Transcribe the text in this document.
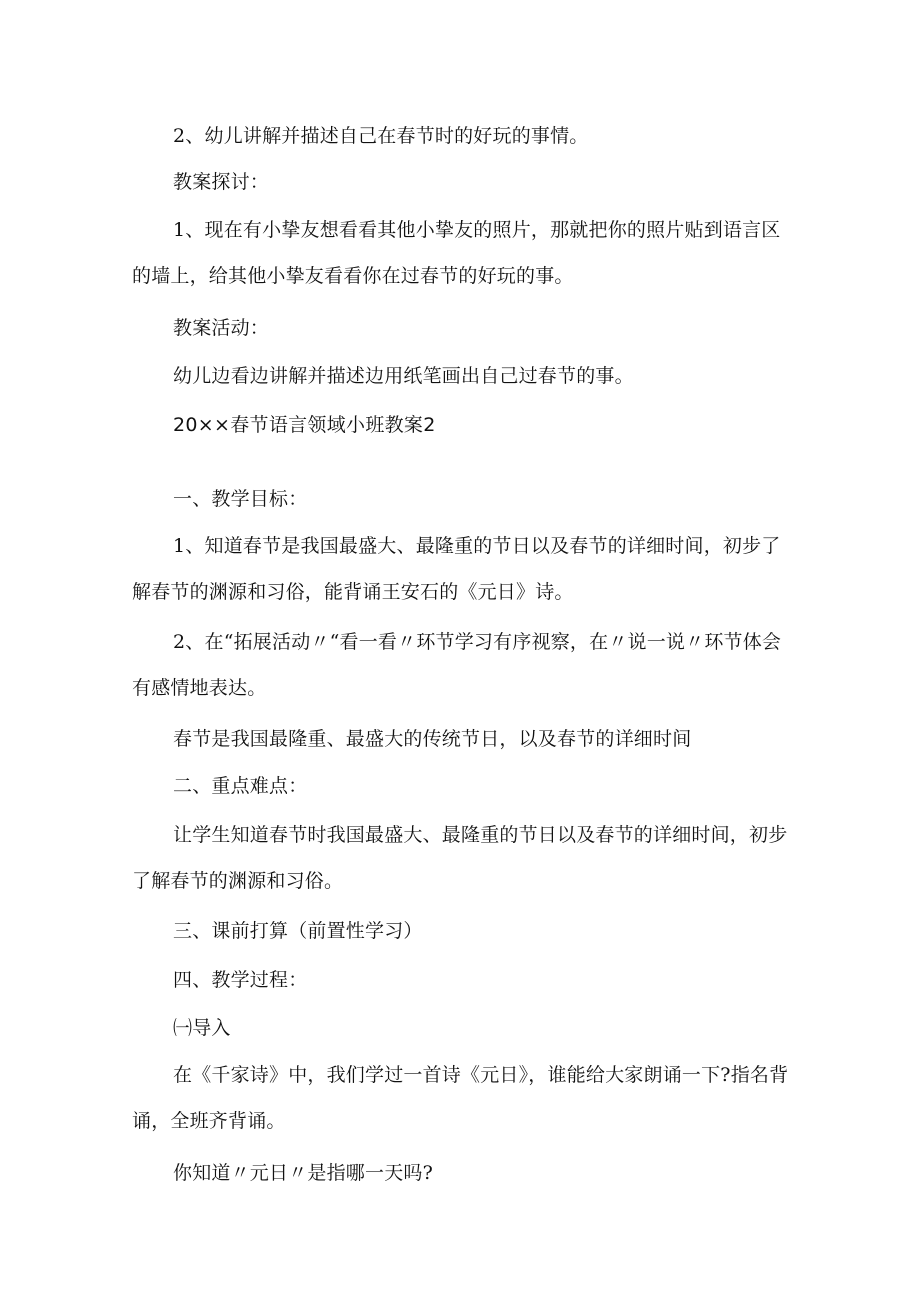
2、幼儿讲解并描述自己在春节时的好玩的事情。

教案探讨：

1、现在有小挚友想看看其他小挚友的照片，那就把你的照片贴到语言区的墙上，给其他小挚友看看你在过春节的好玩的事。

教案活动：

幼儿边看边讲解并描述边用纸笔画出自己过春节的事。

20××春节语言领域小班教案2

一、教学目标：

1、知道春节是我国最盛大、最隆重的节日以及春节的详细时间，初步了解春节的渊源和习俗，能背诵王安石的《元日》诗。

2、在“拓展活动〃“看一看〃环节学习有序视察，在〃说一说〃环节体会有感情地表达。

春节是我国最隆重、最盛大的传统节日，以及春节的详细时间

二、重点难点：

让学生知道春节时我国最盛大、最隆重的节日以及春节的详细时间，初步了解春节的渊源和习俗。

三、课前打算（前置性学习）

四、教学过程：

㈠导入

在《千家诗》中，我们学过一首诗《元日》，谁能给大家朗诵一下?指名背诵，全班齐背诵。

你知道〃元日〃是指哪一天吗?
